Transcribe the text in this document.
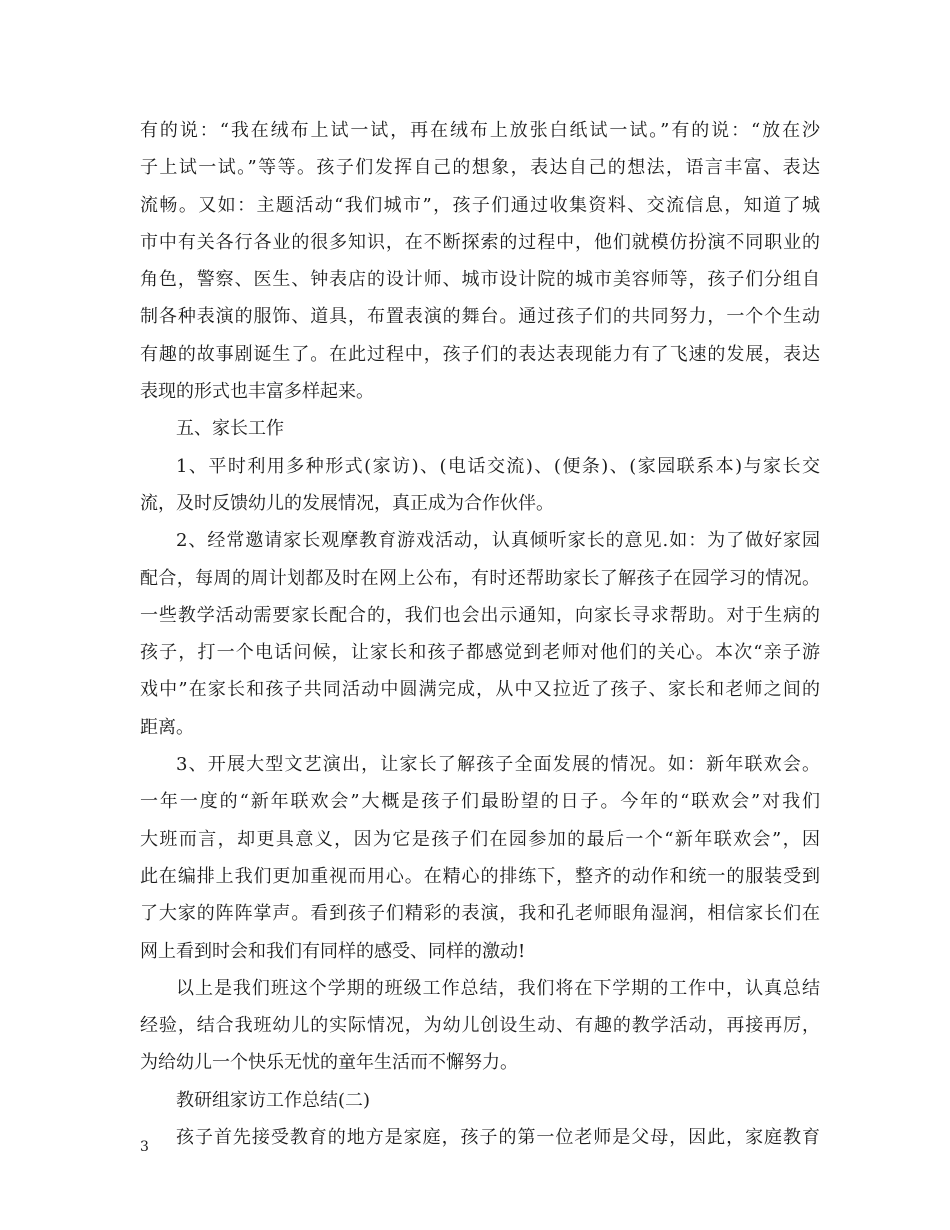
有的说：“我在绒布上试一试，再在绒布上放张白纸试一试。”有的说：“放在沙
子上试一试。”等等。孩子们发挥自己的想象，表达自己的想法，语言丰富、表达
流畅。又如：主题活动“我们城市”，孩子们通过收集资料、交流信息，知道了城
市中有关各行各业的很多知识，在不断探索的过程中，他们就模仿扮演不同职业的
角色，警察、医生、钟表店的设计师、城市设计院的城市美容师等，孩子们分组自
制各种表演的服饰、道具，布置表演的舞台。通过孩子们的共同努力，一个个生动
有趣的故事剧诞生了。在此过程中，孩子们的表达表现能力有了飞速的发展，表达
表现的形式也丰富多样起来。
五、家长工作
1、平时利用多种形式(家访)、(电话交流)、(便条)、(家园联系本)与家长交
流，及时反馈幼儿的发展情况，真正成为合作伙伴。
2、经常邀请家长观摩教育游戏活动，认真倾听家长的意见.如：为了做好家园
配合，每周的周计划都及时在网上公布，有时还帮助家长了解孩子在园学习的情况。
一些教学活动需要家长配合的，我们也会出示通知，向家长寻求帮助。对于生病的
孩子，打一个电话问候，让家长和孩子都感觉到老师对他们的关心。本次“亲子游
戏中”在家长和孩子共同活动中圆满完成，从中又拉近了孩子、家长和老师之间的
距离。
3、开展大型文艺演出，让家长了解孩子全面发展的情况。如：新年联欢会。
一年一度的“新年联欢会”大概是孩子们最盼望的日子。今年的“联欢会”对我们
大班而言，却更具意义，因为它是孩子们在园参加的最后一个“新年联欢会”，因
此在编排上我们更加重视而用心。在精心的排练下，整齐的动作和统一的服装受到
了大家的阵阵掌声。看到孩子们精彩的表演，我和孔老师眼角湿润，相信家长们在
网上看到时会和我们有同样的感受、同样的激动!
以上是我们班这个学期的班级工作总结，我们将在下学期的工作中，认真总结
经验，结合我班幼儿的实际情况，为幼儿创设生动、有趣的教学活动，再接再厉，
为给幼儿一个快乐无忧的童年生活而不懈努力。
教研组家访工作总结(二)
孩子首先接受教育的地方是家庭，孩子的第一位老师是父母，因此，家庭教育
3
